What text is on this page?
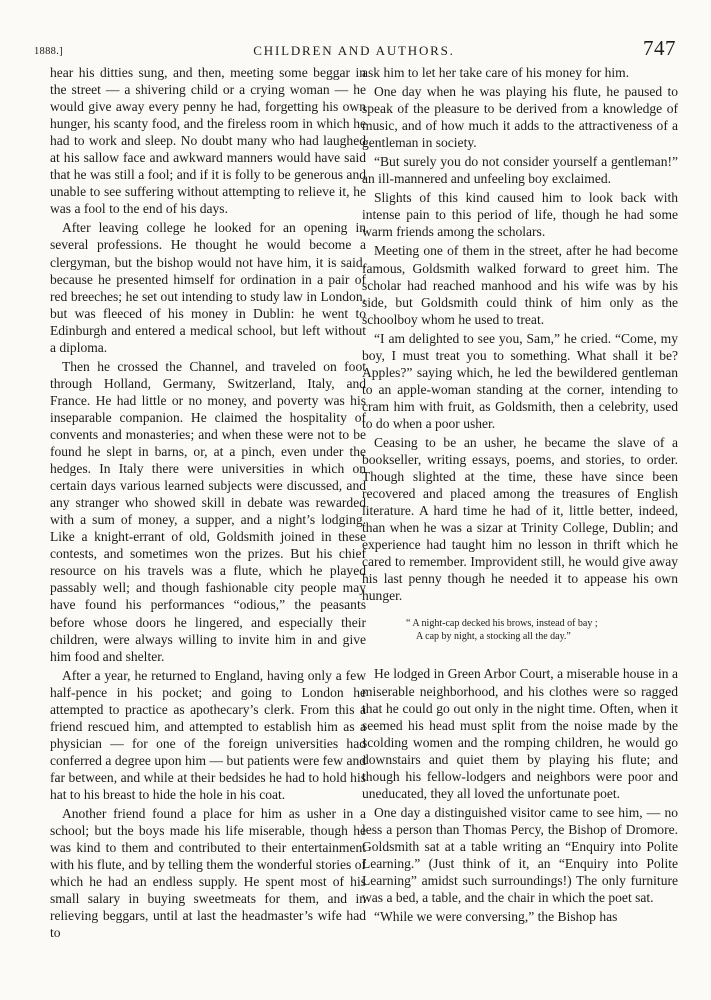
1888.]	CHILDREN AND AUTHORS.	747

hear his ditties sung, and then, meeting some beggar in the street — a shivering child or a crying woman — he would give away every penny he had, forgetting his own hunger, his scanty food, and the fireless room in which he had to work and sleep. No doubt many who had laughed at his sallow face and awkward manners would have said that he was still a fool; and if it is folly to be generous and unable to see suffering without attempting to relieve it, he was a fool to the end of his days.

After leaving college he looked for an opening in several professions. He thought he would become a clergyman, but the bishop would not have him, it is said, because he presented himself for ordination in a pair of red breeches; he set out intending to study law in London, but was fleeced of his money in Dublin: he went to Edinburgh and entered a medical school, but left without a diploma.

Then he crossed the Channel, and traveled on foot through Holland, Germany, Switzerland, Italy, and France. He had little or no money, and poverty was his inseparable companion. He claimed the hospitality of convents and monasteries; and when these were not to be found he slept in barns, or, at a pinch, even under the hedges. In Italy there were universities in which on certain days various learned subjects were discussed, and any stranger who showed skill in debate was rewarded with a sum of money, a supper, and a night’s lodging. Like a knight-errant of old, Goldsmith joined in these contests, and sometimes won the prizes. But his chief resource on his travels was a flute, which he played passably well; and though fashionable city people may have found his performances “odious,” the peasants before whose doors he lingered, and especially their children, were always willing to invite him in and give him food and shelter.

After a year, he returned to England, having only a few half-pence in his pocket; and going to London he attempted to practice as apothecary’s clerk. From this a friend rescued him, and attempted to establish him as a physician — for one of the foreign universities had conferred a degree upon him — but patients were few and far between, and while at their bedsides he had to hold his hat to his breast to hide the hole in his coat.

Another friend found a place for him as usher in a school; but the boys made his life miserable, though he was kind to them and contributed to their entertainment with his flute, and by telling them the wonderful stories of which he had an endless supply. He spent most of his small salary in buying sweetmeats for them, and in relieving beggars, until at last the headmaster’s wife had to

ask him to let her take care of his money for him.

One day when he was playing his flute, he paused to speak of the pleasure to be derived from a knowledge of music, and of how much it adds to the attractiveness of a gentleman in society.

“But surely you do not consider yourself a gentleman!” an ill-mannered and unfeeling boy exclaimed.

Slights of this kind caused him to look back with intense pain to this period of life, though he had some warm friends among the scholars.

Meeting one of them in the street, after he had become famous, Goldsmith walked forward to greet him. The scholar had reached manhood and his wife was by his side, but Goldsmith could think of him only as the schoolboy whom he used to treat.

“I am delighted to see you, Sam,” he cried. “Come, my boy, I must treat you to something. What shall it be? Apples?” saying which, he led the bewildered gentleman to an apple-woman standing at the corner, intending to cram him with fruit, as Goldsmith, then a celebrity, used to do when a poor usher.

Ceasing to be an usher, he became the slave of a bookseller, writing essays, poems, and stories, to order. Though slighted at the time, these have since been recovered and placed among the treasures of English literature. A hard time he had of it, little better, indeed, than when he was a sizar at Trinity College, Dublin; and experience had taught him no lesson in thrift which he cared to remember. Improvident still, he would give away his last penny though he needed it to appease his own hunger.

“ A night-cap decked his brows, instead of bay ;
A cap by night, a stocking all the day.”

He lodged in Green Arbor Court, a miserable house in a miserable neighborhood, and his clothes were so ragged that he could go out only in the night time. Often, when it seemed his head must split from the noise made by the scolding women and the romping children, he would go downstairs and quiet them by playing his flute; and though his fellow-lodgers and neighbors were poor and uneducated, they all loved the unfortunate poet.

One day a distinguished visitor came to see him, — no less a person than Thomas Percy, the Bishop of Dromore. Goldsmith sat at a table writing an “Enquiry into Polite Learning.” (Just think of it, an “Enquiry into Polite Learning” amidst such surroundings!) The only furniture was a bed, a table, and the chair in which the poet sat.

“While we were conversing,” the Bishop has
